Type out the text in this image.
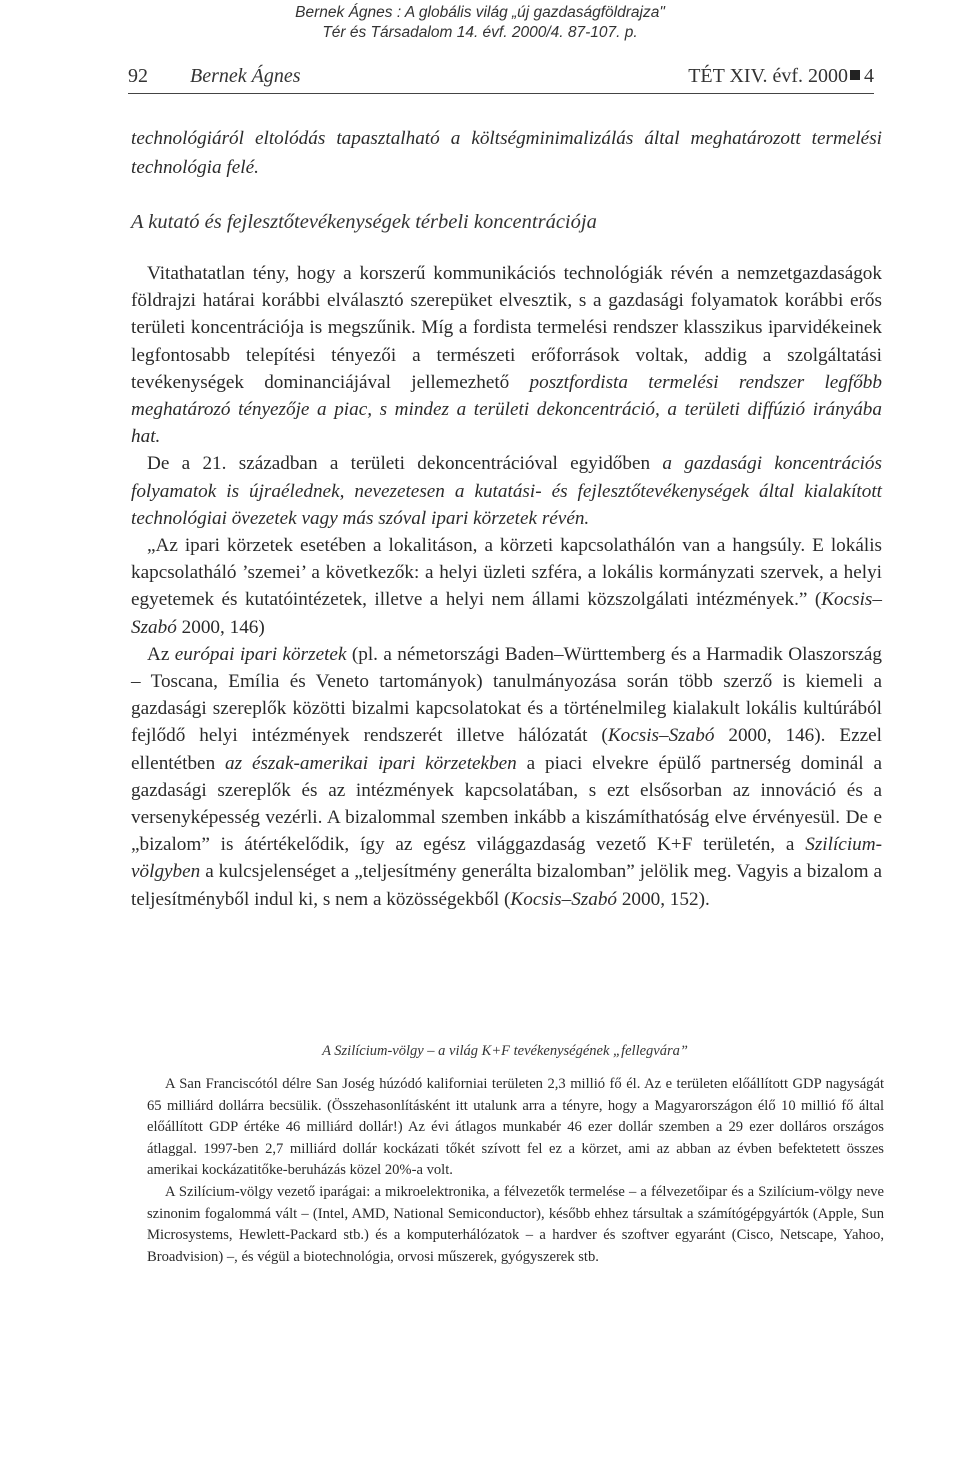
Bernek Ágnes : A globális világ „új gazdaságföldrajza"
Tér és Társadalom 14. évf. 2000/4. 87-107. p.
92 Bernek Ágnes	TÉT XIV. évf. 2000 4

technológiáról eltolódás tapasztalható a költségminimalizálás által meghatározott termelési technológia felé.

A kutató és fejlesztőtevékenységek térbeli koncentrációja

Vitathatatlan tény, hogy a korszerű kommunikációs technológiák révén a nemzetgazdaságok földrajzi határai korábbi elválasztó szerepüket elvesztik, s a gazdasági folyamatok korábbi erős területi koncentrációja is megszűnik. Míg a fordista termelési rendszer klasszikus iparvidékeinek legfontosabb telepítési tényezői a természeti erőforrások voltak, addig a szolgáltatási tevékenységek dominanciájával jellemezhető posztfordista termelési rendszer legfőbb meghatározó tényezője a piac, s mindez a területi dekoncentráció, a területi diffúzió irányába hat.

De a 21. században a területi dekoncentrációval egyidőben a gazdasági koncentrációs folyamatok is újraélednek, nevezetesen a kutatási- és fejlesztőtevékenységek által kialakított technológiai övezetek vagy más szóval ipari körzetek révén.

„Az ipari körzetek esetében a lokalitáson, a körzeti kapcsolathálón van a hangsúly. E lokális kapcsolatháló ’szemei’ a következők: a helyi üzleti szféra, a lokális kormányzati szervek, a helyi egyetemek és kutatóintézetek, illetve a helyi nem állami közszolgálati intézmények.” (Kocsis–Szabó 2000, 146)

Az európai ipari körzetek (pl. a németországi Baden–Württemberg és a Harmadik Olaszország – Toscana, Emília és Veneto tartományok) tanulmányozása során több szerző is kiemeli a gazdasági szereplők közötti bizalmi kapcsolatokat és a történelmileg kialakult lokális kultúrából fejlődő helyi intézmények rendszerét illetve hálózatát (Kocsis–Szabó 2000, 146). Ezzel ellentétben az észak-amerikai ipari körzetekben a piaci elvekre épülő partnerség dominál a gazdasági szereplők és az intézmények kapcsolatában, s ezt elsősorban az innováció és a versenyképesség vezérli. A bizalommal szemben inkább a kiszámíthatóság elve érvényesül. De e „bizalom” is átértékelődik, így az egész világgazdaság vezető K+F területén, a Szilícium-völgyben a kulcsjelenséget a „teljesítmény generálta bizalomban” jelölik meg. Vagyis a bizalom a teljesítményből indul ki, s nem a közösségekből (Kocsis–Szabó 2000, 152).

A Szilícium-völgy – a világ K+F tevékenységének „fellegvára”

A San Franciscótól délre San Joség húzódó kaliforniai területen 2,3 millió fő él. Az e területen előállított GDP nagyságát 65 milliárd dollárra becsülik. (Összehasonlításként itt utalunk arra a tényre, hogy a Magyarországon élő 10 millió fő által előállított GDP értéke 46 milliárd dollár!) Az évi átlagos munkabér 46 ezer dollár szemben a 29 ezer dolláros országos átlaggal. 1997-ben 2,7 milliárd dollár kockázati tőkét szívott fel ez a körzet, ami az abban az évben befektetett összes amerikai kockázatitőke-beruházás közel 20%-a volt.

A Szilícium-völgy vezető iparágai: a mikroelektronika, a félvezetők termelése – a félvezetőipar és a Szilícium-völgy neve szinonim fogalommá vált – (Intel, AMD, National Semiconductor), később ehhez társultak a számítógépgyártók (Apple, Sun Microsystems, Hewlett-Packard stb.) és a komputerhálózatok – a hardver és szoftver egyaránt (Cisco, Netscape, Yahoo, Broadvision) –, és végül a biotechnológia, orvosi műszerek, gyógyszerek stb.
